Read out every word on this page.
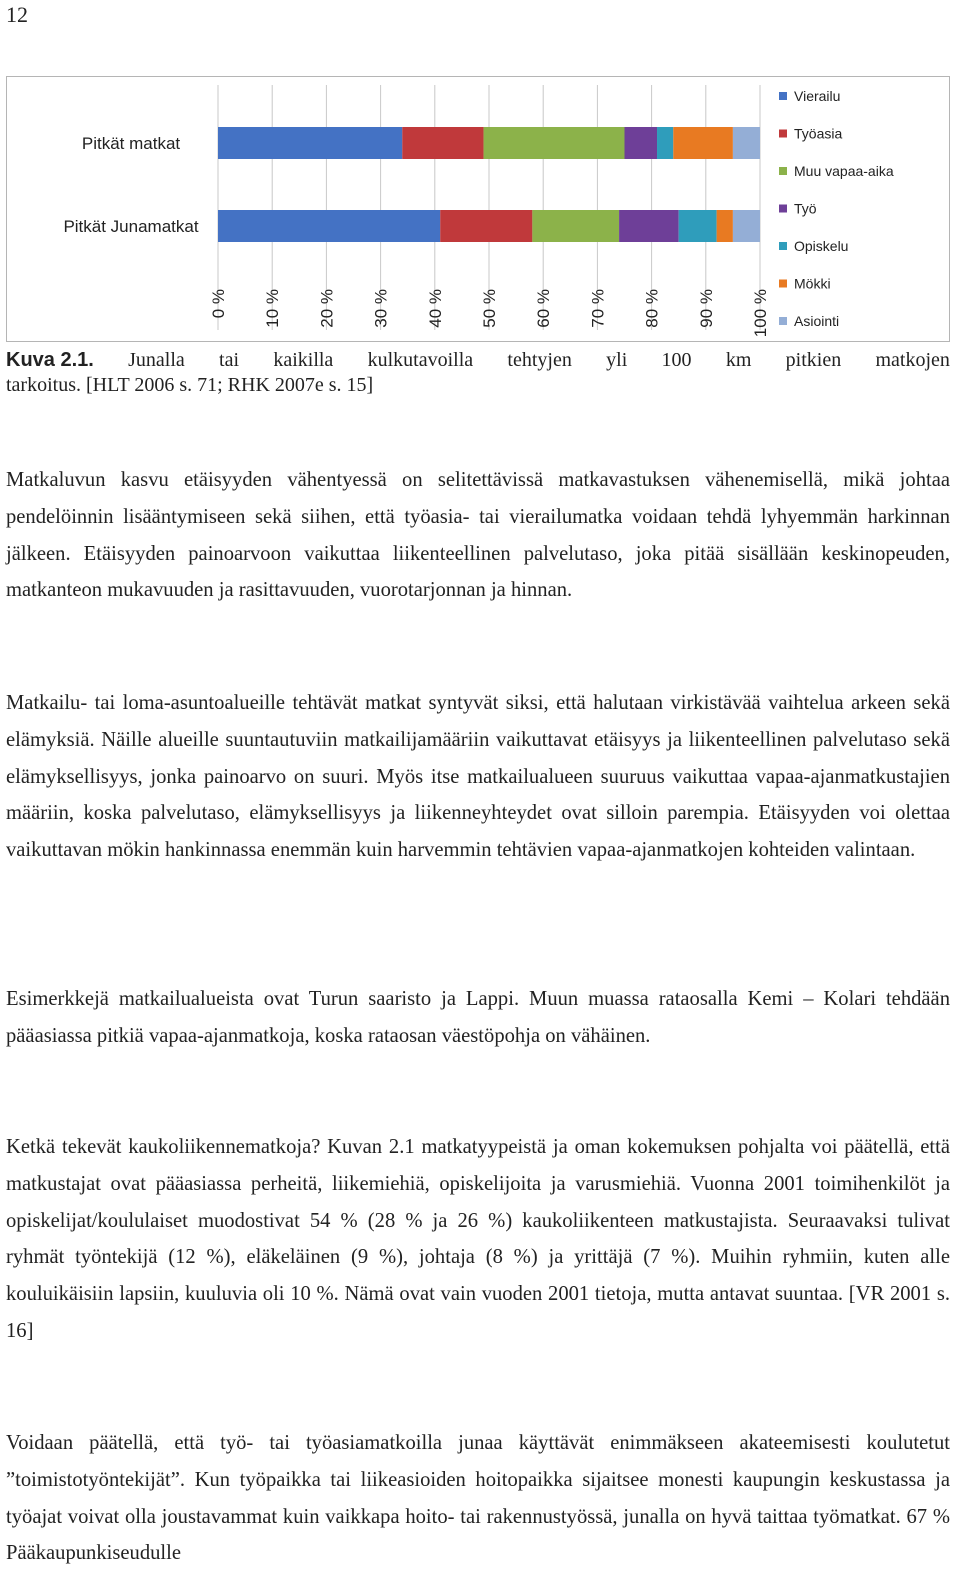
12
Pitkät matkat
Pitkät Junamatkat
0 % 10 % 20 % 30 % 40 % 50 % 60 % 70 % 80 % 90 % 100 %
Vierailu
Työasia
Muu vapaa-aika
Työ
Opiskelu
Mökki
Asiointi
Kuva 2.1. Junalla tai kaikilla kulkutavoilla tehtyjen yli 100 km pitkien matkojen
tarkoitus. [HLT 2006 s. 71; RHK 2007e s. 15]

Matkaluvun kasvu etäisyyden vähentyessä on selitettävissä matkavastuksen vähenemisellä, mikä johtaa pendelöinnin lisääntymiseen sekä siihen, että työasia- tai vierailumatka voidaan tehdä lyhyemmän harkinnan jälkeen. Etäisyyden painoarvoon vaikuttaa liikenteellinen palvelutaso, joka pitää sisällään keskinopeuden, matkanteon mukavuuden ja rasittavuuden, vuorotarjonnan ja hinnan.

Matkailu- tai loma-asuntoalueille tehtävät matkat syntyvät siksi, että halutaan virkistävää vaihtelua arkeen sekä elämyksiä. Näille alueille suuntautuviin matkailijamääriin vaikuttavat etäisyys ja liikenteellinen palvelutaso sekä elämyksellisyys, jonka painoarvo on suuri. Myös itse matkailualueen suuruus vaikuttaa vapaa-ajanmatkustajien määriin, koska palvelutaso, elämyksellisyys ja liikenneyhteydet ovat silloin parempia. Etäisyyden voi olettaa vaikuttavan mökin hankinnassa enemmän kuin harvemmin tehtävien vapaa-ajanmatkojen kohteiden valintaan.

Esimerkkejä matkailualueista ovat Turun saaristo ja Lappi. Muun muassa rataosalla Kemi – Kolari tehdään pääasiassa pitkiä vapaa-ajanmatkoja, koska rataosan väestöpohja on vähäinen.

Ketkä tekevät kaukoliikennematkoja? Kuvan 2.1 matkatyypeistä ja oman kokemuksen pohjalta voi päätellä, että matkustajat ovat pääasiassa perheitä, liikemiehiä, opiskelijoita ja varusmiehiä. Vuonna 2001 toimihenkilöt ja opiskelijat/koululaiset muodostivat 54 % (28 % ja 26 %) kaukoliikenteen matkustajista. Seuraavaksi tulivat ryhmät työntekijä (12 %), eläkeläinen (9 %), johtaja (8 %) ja yrittäjä (7 %). Muihin ryhmiin, kuten alle kouluikäisiin lapsiin, kuuluvia oli 10 %. Nämä ovat vain vuoden 2001 tietoja, mutta antavat suuntaa. [VR 2001 s. 16]

Voidaan päätellä, että työ- tai työasiamatkoilla junaa käyttävät enimmäkseen akateemisesti koulutetut ”toimistotyöntekijät”. Kun työpaikka tai liikeasioiden hoitopaikka sijaitsee monesti kaupungin keskustassa ja työajat voivat olla joustavammat kuin vaikkapa hoito- tai rakennustyössä, junalla on hyvä taittaa työmatkat. 67 % Pääkaupunkiseudulle
